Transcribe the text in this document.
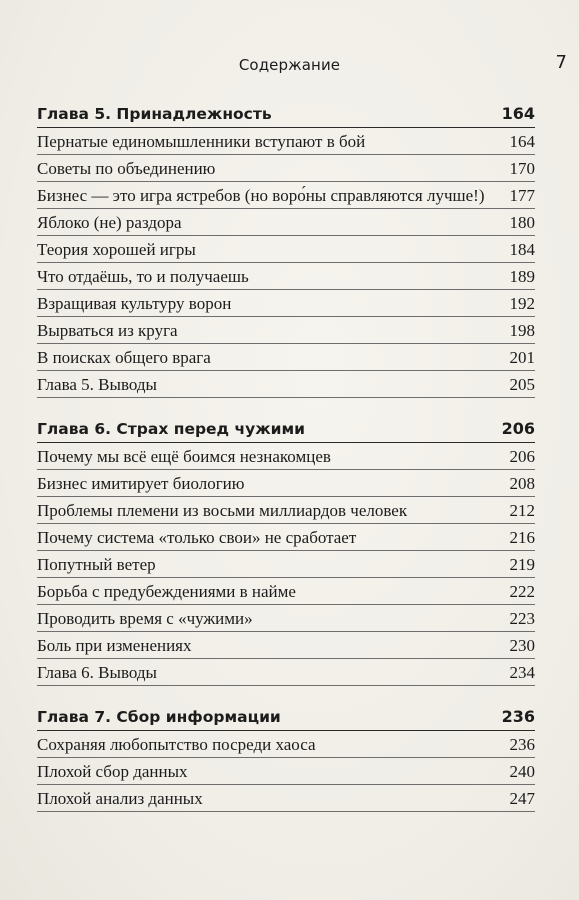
Содержание	7
Глава 5. Принадлежность	164
Пернатые единомышленники вступают в бой	164
Советы по объединению	170
Бизнес — это игра ястребов (но воро́ны справляются лучше!)	177
Яблоко (не) раздора	180
Теория хорошей игры	184
Что отдаёшь, то и получаешь	189
Взращивая культуру ворон	192
Вырваться из круга	198
В поисках общего врага	201
Глава 5. Выводы	205
Глава 6. Страх перед чужими	206
Почему мы всё ещё боимся незнакомцев	206
Бизнес имитирует биологию	208
Проблемы племени из восьми миллиардов человек	212
Почему система «только свои» не сработает	216
Попутный ветер	219
Борьба с предубеждениями в найме	222
Проводить время с «чужими»	223
Боль при изменениях	230
Глава 6. Выводы	234
Глава 7. Сбор информации	236
Сохраняя любопытство посреди хаоса	236
Плохой сбор данных	240
Плохой анализ данных	247
